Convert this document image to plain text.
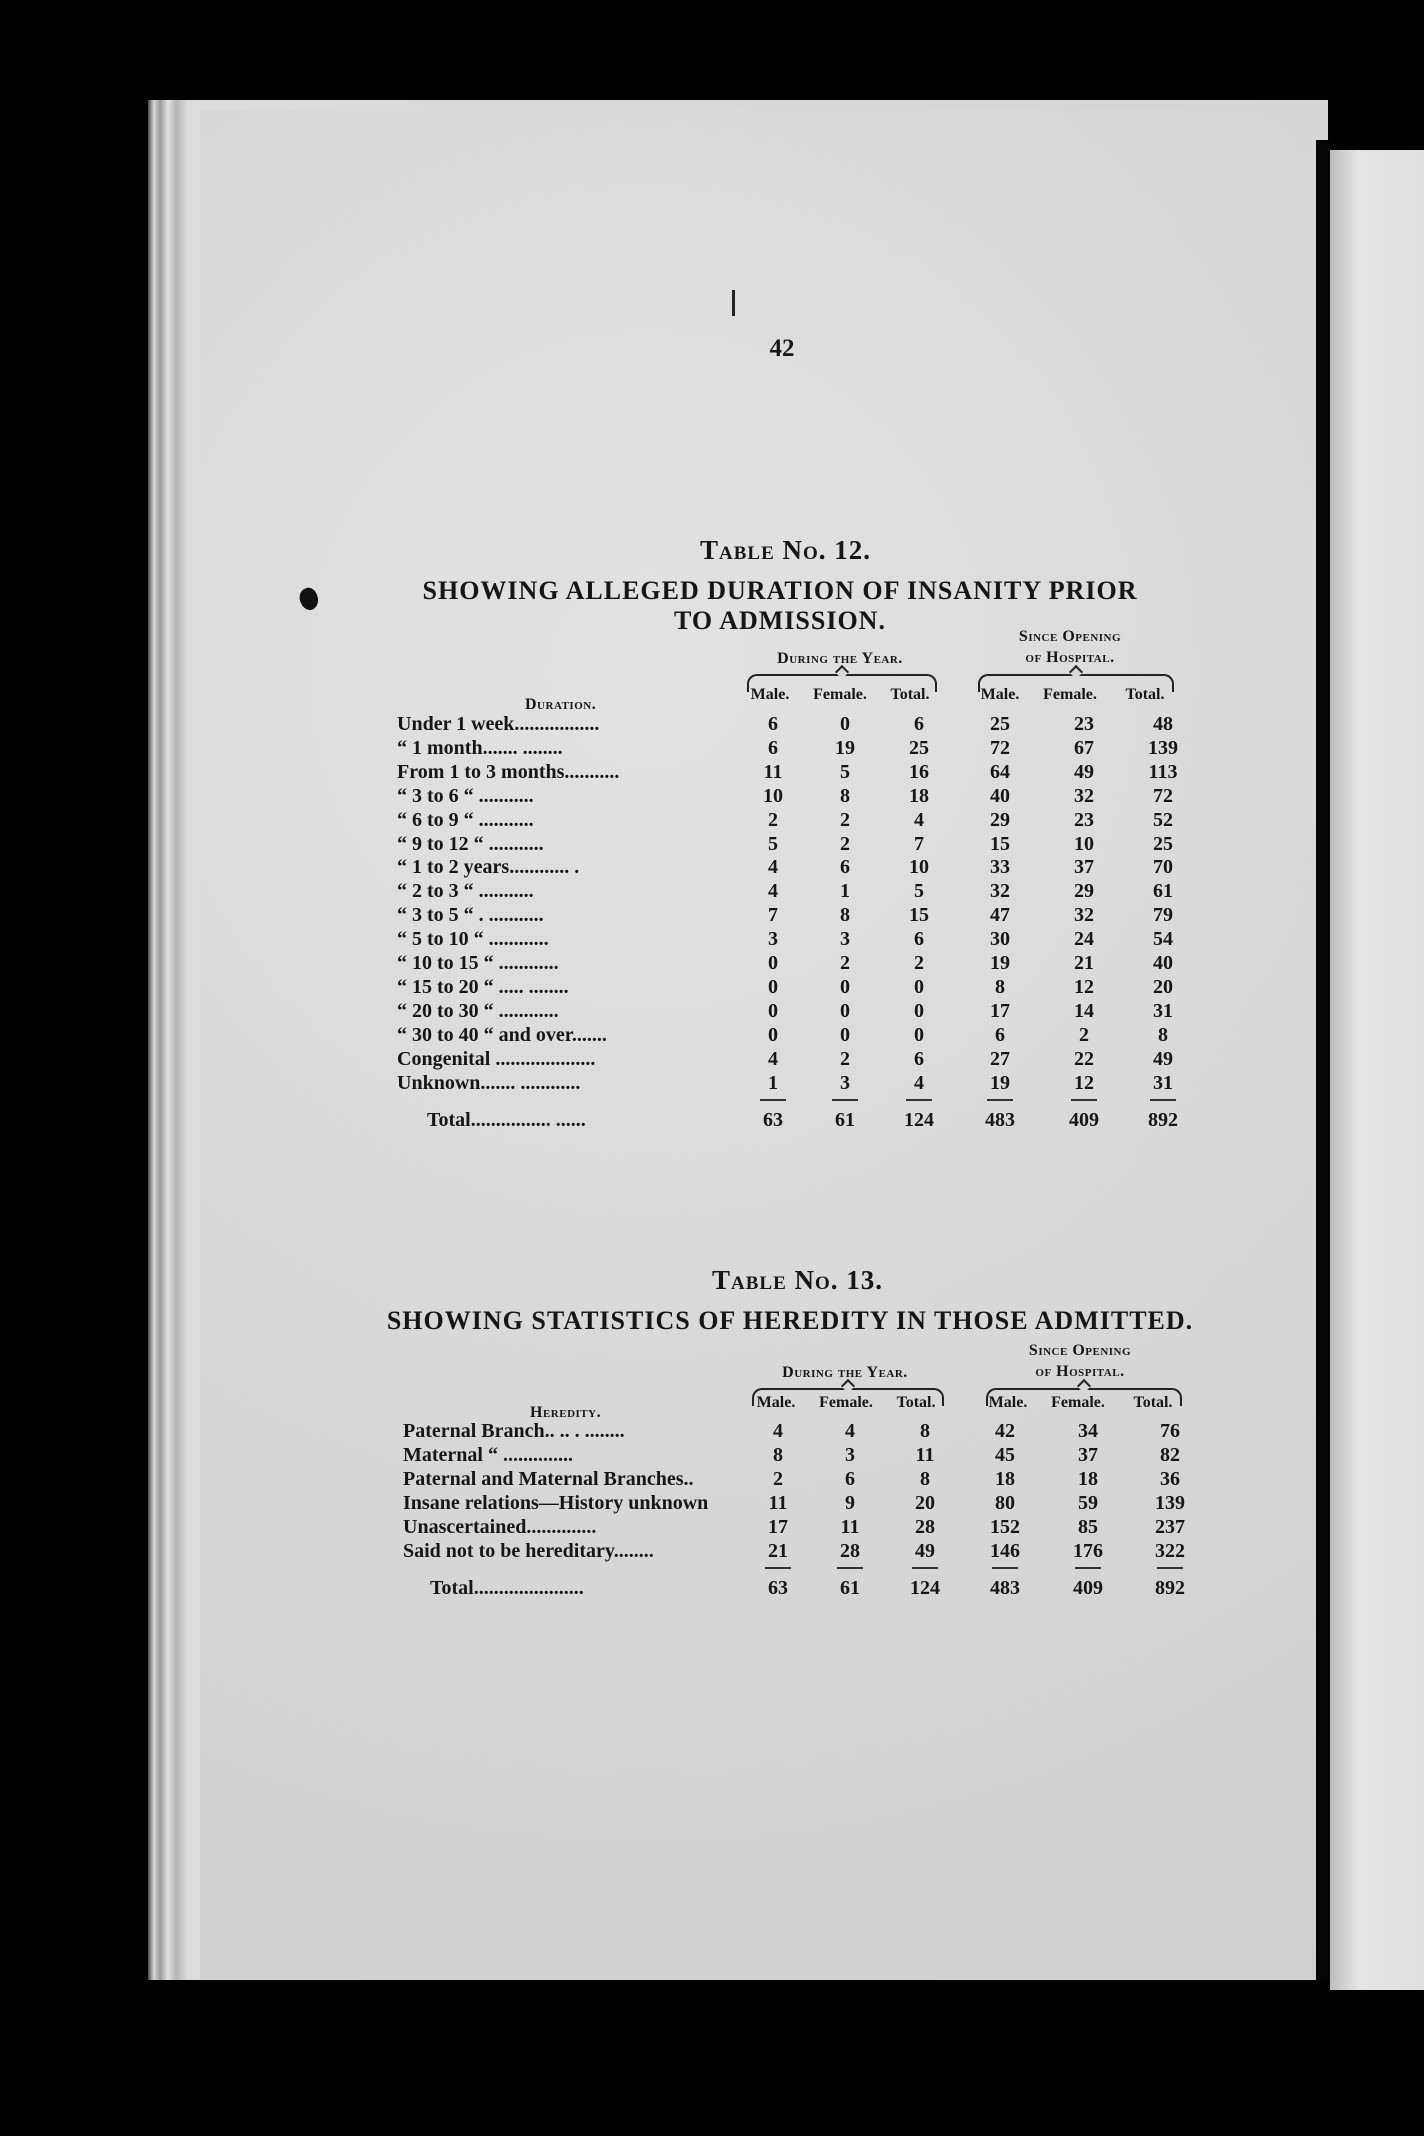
42
Table No. 12.
SHOWING ALLEGED DURATION OF INSANITY PRIOR
TO ADMISSION.
Since Opening
of Hospital.
During the Year.
Duration.
Male.	Female.	Total.	Male.	Female.	Total.
Under 1 week.................	6	0	6	25	23	48
“ 1 month....... ........	6	19	25	72	67	139
From 1 to 3 months...........	11	5	16	64	49	113
“ 3 to 6 “ ...........	10	8	18	40	32	72
“ 6 to 9 “ ...........	2	2	4	29	23	52
“ 9 to 12 “ ...........	5	2	7	15	10	25
“ 1 to 2 years............ .	4	6	10	33	37	70
“ 2 to 3 “ ...........	4	1	5	32	29	61
“ 3 to 5 “ . ...........	7	8	15	47	32	79
“ 5 to 10 “ ............	3	3	6	30	24	54
“ 10 to 15 “ ............	0	2	2	19	21	40
“ 15 to 20 “ ..... ........	0	0	0	8	12	20
“ 20 to 30 “ ............	0	0	0	17	14	31
“ 30 to 40 “ and over.......	0	0	0	6	2	8
Congenital ....................	4	2	6	27	22	49
Unknown....... ............	1	3	4	19	12	31
Total................ ......	63	61	124	483	409	892
Table No. 13.
SHOWING STATISTICS OF HEREDITY IN THOSE ADMITTED.
Since Opening
of Hospital.
During the Year.
Heredity.
Male.	Female.	Total.	Male.	Female.	Total.
Paternal Branch.. .. . ........	4	4	8	42	34	76
Maternal “ ..............	8	3	11	45	37	82
Paternal and Maternal Branches..	2	6	8	18	18	36
Insane relations—History unknown	11	9	20	80	59	139
Unascertained..............	17	11	28	152	85	237
Said not to be hereditary........	21	28	49	146	176	322
Total......................	63	61	124	483	409	892
